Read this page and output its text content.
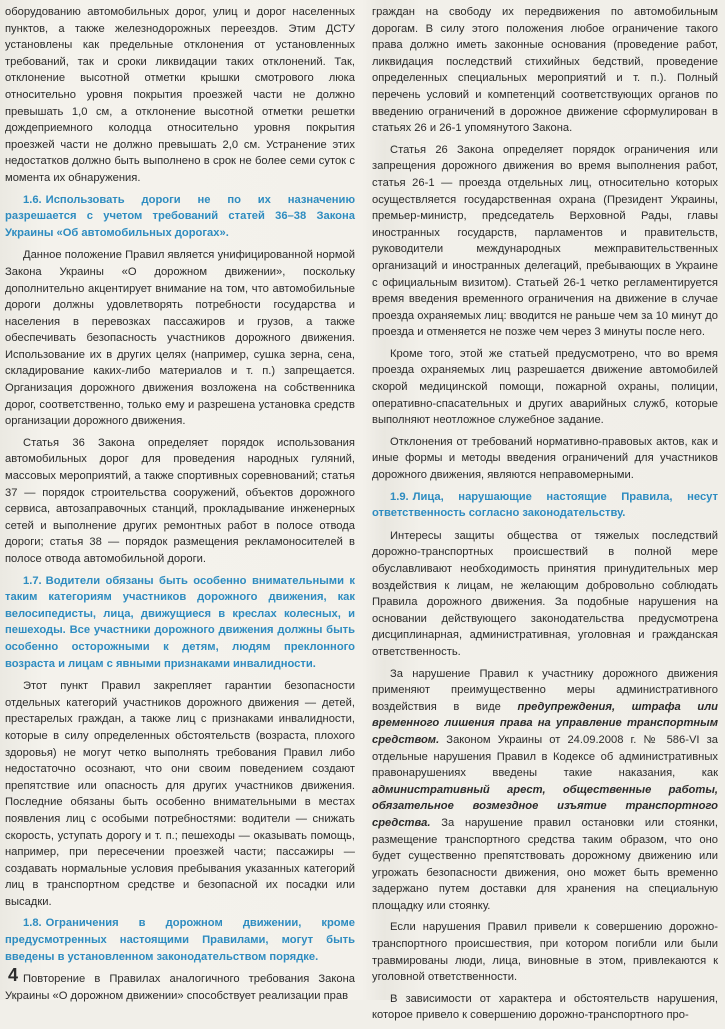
оборудованию автомобильных дорог, улиц и дорог населенных пунктов, а также железнодорожных переездов. Этим ДСТУ установлены как предельные отклонения от установленных требований, так и сроки ликвидации таких отклонений. Так, отклонение высотной отметки крышки смотрового люка относительно уровня покрытия проезжей части не должно превышать 1,0 см, а отклонение высотной отметки решетки дождеприемного колодца относительно уровня покрытия проезжей части не должно превышать 2,0 см. Устранение этих недостатков должно быть выполнено в срок не более семи суток с момента их обнаружения.

1.6. Использовать дороги не по их назначению разрешается с учетом требований статей 36–38 Закона Украины «Об автомобильных дорогах».

Данное положение Правил является унифицированной нормой Закона Украины «О дорожном движении», поскольку дополнительно акцентирует внимание на том, что автомобильные дороги должны удовлетворять потребности государства и населения в перевозках пассажиров и грузов, а также обеспечивать безопасность участников дорожного движения. Использование их в других целях (например, сушка зерна, сена, складирование каких-либо материалов и т. п.) запрещается. Организация дорожного движения возложена на собственника дорог, соответственно, только ему и разрешена установка средств организации дорожного движения.

Статья 36 Закона определяет порядок использования автомобильных дорог для проведения народных гуляний, массовых мероприятий, а также спортивных соревнований; статья 37 — порядок строительства сооружений, объектов дорожного сервиса, автозаправочных станций, прокладывание инженерных сетей и выполнение других ремонтных работ в полосе отвода дороги; статья 38 — порядок размещения рекламоносителей в полосе отвода автомобильной дороги.

1.7. Водители обязаны быть особенно внимательными к таким категориям участников дорожного движения, как велосипедисты, лица, движущиеся в креслах колесных, и пешеходы. Все участники дорожного движения должны быть особенно осторожными к детям, людям преклонного возраста и лицам с явными признаками инвалидности.

Этот пункт Правил закрепляет гарантии безопасности отдельных категорий участников дорожного движения — детей, престарелых граждан, а также лиц с признаками инвалидности, которые в силу определенных обстоятельств (возраста, плохого здоровья) не могут четко выполнять требования Правил либо недостаточно осознают, что они своим поведением создают препятствие или опасность для других участников движения. Последние обязаны быть особенно внимательными в местах появления лиц с особыми потребностями: водители — снижать скорость, уступать дорогу и т. п.; пешеходы — оказывать помощь, например, при пересечении проезжей части; пассажиры — создавать нормальные условия пребывания указанных категорий лиц в транспортном средстве и безопасной их посадки или высадки.

1.8. Ограничения в дорожном движении, кроме предусмотренных настоящими Правилами, могут быть введены в установленном законодательством порядке.

Повторение в Правилах аналогичного требования Закона Украины «О дорожном движении» способствует реализации прав

граждан на свободу их передвижения по автомобильным дорогам. В силу этого положения любое ограничение такого права должно иметь законные основания (проведение работ, ликвидация последствий стихийных бедствий, проведение определенных специальных мероприятий и т. п.). Полный перечень условий и компетенций соответствующих органов по введению ограничений в дорожное движение сформулирован в статьях 26 и 26-1 упомянутого Закона.

Статья 26 Закона определяет порядок ограничения или запрещения дорожного движения во время выполнения работ, статья 26-1 — проезда отдельных лиц, относительно которых осуществляется государственная охрана (Президент Украины, премьер-министр, председатель Верховной Рады, главы иностранных государств, парламентов и правительств, руководители международных межправительственных организаций и иностранных делегаций, пребывающих в Украине с официальным визитом). Статьей 26-1 четко регламентируется время введения временного ограничения на движение в случае проезда охраняемых лиц: вводится не раньше чем за 10 минут до проезда и отменяется не позже чем через 3 минуты после него.

Кроме того, этой же статьей предусмотрено, что во время проезда охраняемых лиц разрешается движение автомобилей скорой медицинской помощи, пожарной охраны, полиции, оперативно-спасательных и других аварийных служб, которые выполняют неотложное служебное задание.

Отклонения от требований нормативно-правовых актов, как и иные формы и методы введения ограничений для участников дорожного движения, являются неправомерными.

1.9. Лица, нарушающие настоящие Правила, несут ответственность согласно законодательству.

Интересы защиты общества от тяжелых последствий дорожно-транспортных происшествий в полной мере обуславливают необходимость принятия принудительных мер воздействия к лицам, не желающим добровольно соблюдать Правила дорожного движения. За подобные нарушения на основании действующего законодательства предусмотрена дисциплинарная, административная, уголовная и гражданская ответственность.

За нарушение Правил к участнику дорожного движения применяют преимущественно меры административного воздействия в виде предупреждения, штрафа или временного лишения права на управление транспортным средством. Законом Украины от 24.09.2008 г. № 586-VI за отдельные нарушения Правил в Кодексе об административных правонарушениях введены такие наказания, как административный арест, общественные работы, обязательное возмездное изъятие транспортного средства. За нарушение правил остановки или стоянки, размещение транспортного средства таким образом, что оно будет существенно препятствовать дорожному движению или угрожать безопасности движения, оно может быть временно задержано путем доставки для хранения на специальную площадку или стоянку.

Если нарушения Правил привели к совершению дорожно-транспортного происшествия, при котором погибли или были травмированы люди, лица, виновные в этом, привлекаются к уголовной ответственности.

В зависимости от характера и обстоятельств нарушения, которое привело к совершению дорожно-транспортного про-

4
